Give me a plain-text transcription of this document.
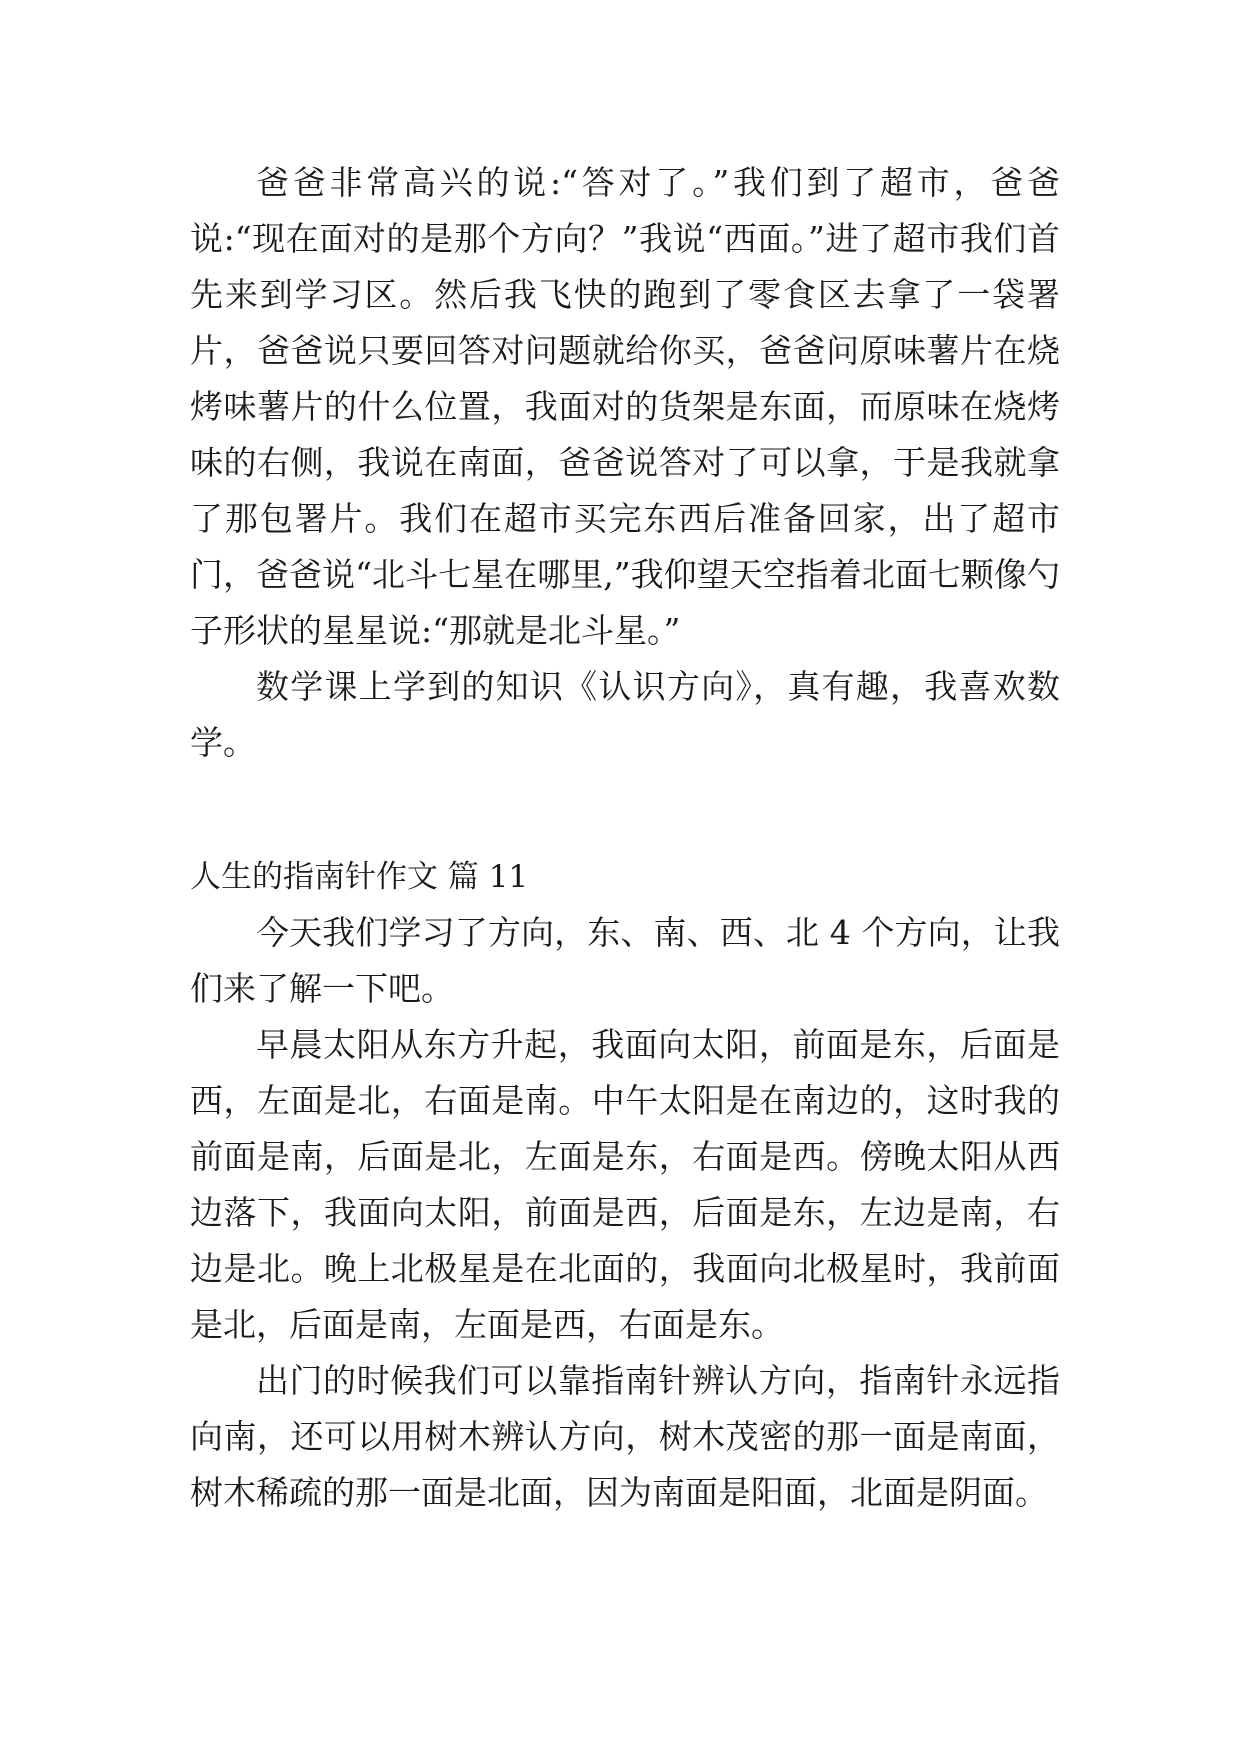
爸爸非常高兴的说:“答对了。”我们到了超市，爸爸说:“现在面对的是那个方向？”我说“西面。”进了超市我们首先来到学习区。然后我飞快的跑到了零食区去拿了一袋署片，爸爸说只要回答对问题就给你买，爸爸问原味薯片在烧烤味薯片的什么位置，我面对的货架是东面，而原味在烧烤味的右侧，我说在南面，爸爸说答对了可以拿，于是我就拿了那包署片。我们在超市买完东西后准备回家，出了超市门，爸爸说“北斗七星在哪里,”我仰望天空指着北面七颗像勺子形状的星星说:“那就是北斗星。”

数学课上学到的知识《认识方向》，真有趣，我喜欢数学。

人生的指南针作文 篇 11

今天我们学习了方向，东、南、西、北 4 个方向，让我们来了解一下吧。

早晨太阳从东方升起，我面向太阳，前面是东，后面是西，左面是北，右面是南。中午太阳是在南边的，这时我的前面是南，后面是北，左面是东，右面是西。傍晚太阳从西边落下，我面向太阳，前面是西，后面是东，左边是南，右边是北。晚上北极星是在北面的，我面向北极星时，我前面是北，后面是南，左面是西，右面是东。

出门的时候我们可以靠指南针辨认方向，指南针永远指向南，还可以用树木辨认方向，树木茂密的那一面是南面，树木稀疏的那一面是北面，因为南面是阳面，北面是阴面。
